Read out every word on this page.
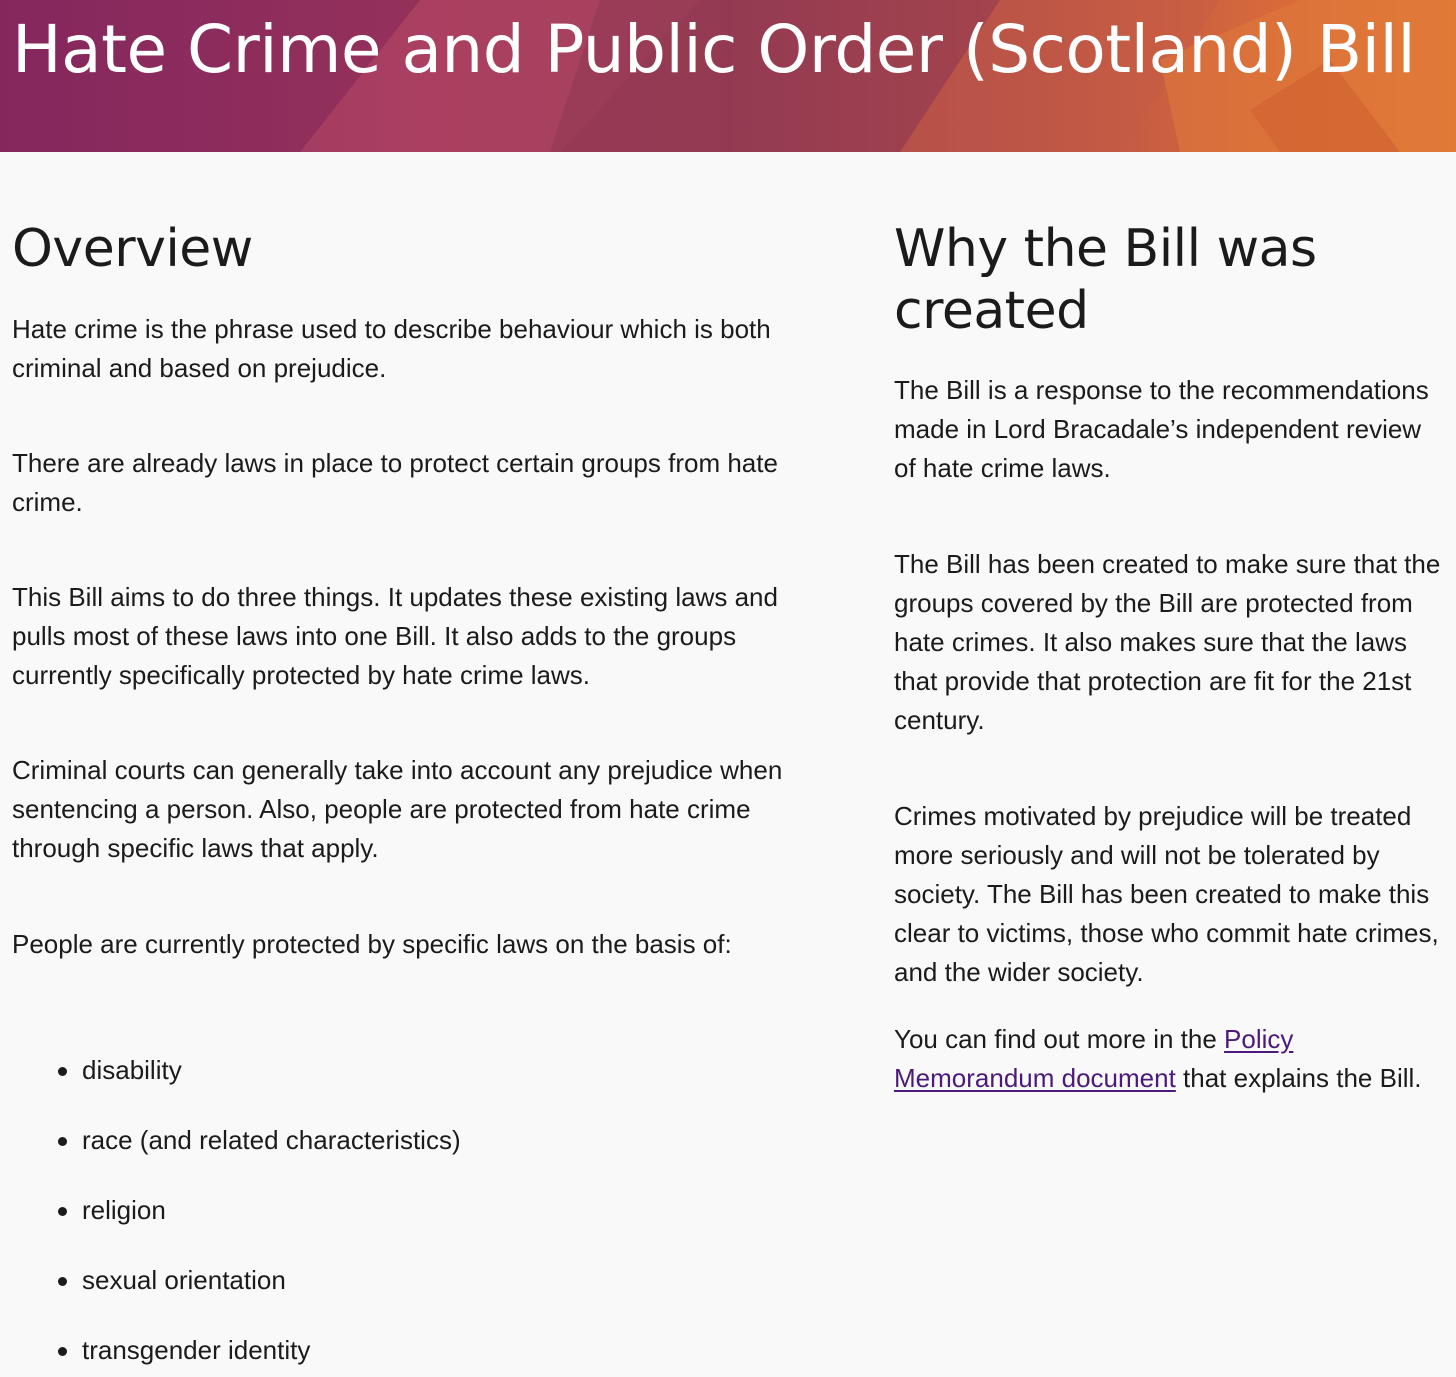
Hate Crime and Public Order (Scotland) Bill
Overview

Hate crime is the phrase used to describe behaviour which is both criminal and based on prejudice.

There are already laws in place to protect certain groups from hate crime.

This Bill aims to do three things. It updates these existing laws and pulls most of these laws into one Bill. It also adds to the groups currently specifically protected by hate crime laws.

Criminal courts can generally take into account any prejudice when sentencing a person. Also, people are protected from hate crime through specific laws that apply.

People are currently protected by specific laws on the basis of:

disability
race (and related characteristics)
religion
sexual orientation
transgender identity
Why the Bill was created

The Bill is a response to the recommendations made in Lord Bracadale’s independent review of hate crime laws.

The Bill has been created to make sure that the groups covered by the Bill are protected from hate crimes. It also makes sure that the laws that provide that protection are fit for the 21st century.

Crimes motivated by prejudice will be treated more seriously and will not be tolerated by society. The Bill has been created to make this clear to victims, those who commit hate crimes, and the wider society.

You can find out more in the Policy Memorandum document that explains the Bill.
